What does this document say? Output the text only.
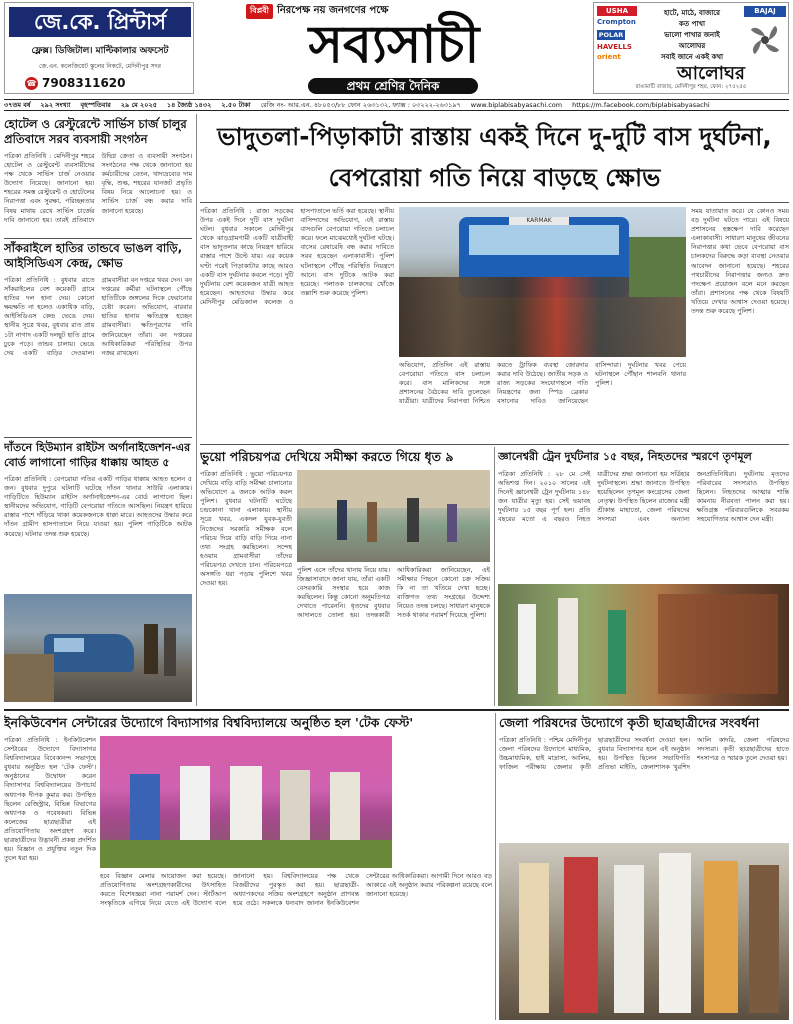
জে.কে. প্রিন্টার্স
ফ্লেক্স। ডিজিটাল। মাল্টিকালার অফসেট
জে.এন. কলেজিয়েট স্কুলের নিকটে, মেদিনীপুর সদর
☎ 7908311620
বিপ্লবী নিরপেক্ষ নয় জনগণের পক্ষে
সব্যসাচী
প্রথম শ্রেণির দৈনিক
USHA
Crompton
POLAR
HAVELLS
orient
BAJAJ
হাটে, মাঠে, বাজারে
কত পাখা
ভালো পাখার জনাই
আলোঘর
সবাই জানে একই কথা
আলোঘর
রাঙামাটি বাজার, মেদিনীপুর শহর, ফোন: ২৭৫২৫৫
৩৭তম বর্ষ ২৯২ সংখ্যা বৃহস্পতিবার ২৯ মে ২০২৫ ১৪ জ্যৈষ্ঠ ১৪৩২ ২.৫০ টাকা রেজি নং- আর.এন. ৪৮০৫৩/৮৮ ফোন ২৬৩১৩২, ফ্যাক্স : ০৩২২২-২৬৩১৯৭ www.biplabisabyasachi.com https://m.facebook.com/biplabisabyasachi
হোটেল ও রেস্টুরেন্টে সার্ভিস চার্জ চালুর প্রতিবাদে সরব ব্যবসায়ী সংগঠন
পত্রিকা প্রতিনিধি : মেদিনীপুর শহরে হোটেল ও রেস্টুরেন্ট ব্যবসায়ীদের পক্ষ থেকে সার্ভিস চার্জ নেওয়ার উদ্যোগ নিয়েছে। জানানো হয়। শহরের সমস্ত রেস্টুরেন্ট ও হোটেলের নিরাপত্তা এবং সুরক্ষা, পরিচ্ছন্নতার বিষয় মাথায় রেখে সার্ভিস চার্জের দাবি জানানো হয়। তারই প্রতিবাদে উদ্বিগ্ন ক্রেতা ও ব্যবসায়ী সংগঠন। সংগঠনের পক্ষ থেকে জানানো হয় কর্মচারীদের বেতন, খাদ্যদ্রব্যের দাম বৃদ্ধি, শুল্ক, শহরের যানজট প্রভৃতি বিষয় নিয়ে আলোচনা হয়। ও সার্ভিস চার্জ বন্ধ করার দাবি জানানো হয়েছে।
সাঁকরাইলে হাতির তান্ডবে ভাঙল বাড়ি, আইসিডিএস কেন্দ্র, ক্ষোভ
পত্রিকা প্রতিনিধি : বুধবার রাতে সাঁকরাইলের বেশ কয়েকটি গ্রামে হাতির দল হানা দেয়। কোনো ক্ষয়ক্ষতি না হলেও একাধিক বাড়ি, আইসিডিএস কেন্দ্র ভেঙে দেয়। স্থানীয় সূত্রে খবর, বুধবার রাত প্রায় ১টা নাগাদ একটি দলছুট হাতি গ্রামে ঢুকে পড়ে। তান্ডব চালায়। ভেঙে দেয় একটি বাড়ির দেওয়াল। গ্রামবাসীরা বন দপ্তরে খবর দেন। বন দপ্তরের কর্মীরা ঘটনাস্থলে পৌঁছে হাতিটিকে জঙ্গলের দিকে ফেরানোর চেষ্টা করেন। অভিযোগ, বারবার হাতির হানায় ক্ষতিগ্রস্ত হচ্ছেন গ্রামবাসীরা। ক্ষতিপূরণের দাবি জানিয়েছেন তাঁরা। বন দপ্তরের আধিকারিকরা পরিস্থিতির উপর নজর রাখছেন।
দাঁতনে হিউম্যান রাইটস অর্গানাইজেশন-এর বোর্ড লাগানো গাড়ির ধাক্কায় আহত ৫
পত্রিকা প্রতিনিধি : বেপরোয়া গতির একটি গাড়ির ধাক্কায় আহত হলেন ৫ জন। বুধবার দুপুরে ঘটনাটি ঘটেছে দাঁতন থানার সাউরি এলাকায়। গাড়িটিতে হিউম্যান রাইটস অর্গানাইজেশন-এর বোর্ড লাগানো ছিল। স্থানীয়দের অভিযোগ, গাড়িটি বেপরোয়া গতিতে আসছিল। নিয়ন্ত্রণ হারিয়ে রাস্তার পাশে দাঁড়িয়ে থাকা কয়েকজনকে ধাক্কা মারে। আহতদের উদ্ধার করে দাঁতন গ্রামীণ হাসপাতালে নিয়ে যাওয়া হয়। পুলিশ গাড়িটিকে আটক করেছে। ঘটনার তদন্ত শুরু হয়েছে।
ভাদুতলা-পিড়াকাটা রাস্তায় একই দিনে দু-দুটি বাস দুর্ঘটনা, বেপরোয়া গতি নিয়ে বাড়ছে ক্ষোভ
পত্রিকা প্রতিনিধি : রাজ্য সড়কের উপর একই দিনে দুটি বাস দুর্ঘটনা ঘটল। বুধবার সকালে মেদিনীপুর থেকে ঝাড়গ্রামগামী একটি যাত্রীবাহী বাস ভাদুতলার কাছে নিয়ন্ত্রণ হারিয়ে রাস্তার পাশে উল্টে যায়। এর কয়েক ঘণ্টা পরেই পিড়াকাটার কাছে আরও একটি বাস দুর্ঘটনার কবলে পড়ে। দুটি দুর্ঘটনায় বেশ কয়েকজন যাত্রী আহত হয়েছেন। আহতদের উদ্ধার করে মেদিনীপুর মেডিক্যাল কলেজ ও হাসপাতালে ভর্তি করা হয়েছে। স্থানীয় বাসিন্দাদের অভিযোগ, এই রাস্তায় বাসগুলি বেপরোয়া গতিতে চলাচল করে। ফলে মাঝেমধ্যেই দুর্ঘটনা ঘটছে। বাসের রেষারেষি বন্ধ করার দাবিতে সরব হয়েছেন এলাকাবাসী। পুলিশ ঘটনাস্থলে পৌঁছে পরিস্থিতি নিয়ন্ত্রণে আনে। বাস দুটিকে আটক করা হয়েছে। পলাতক চালকদের খোঁজে তল্লাশি শুরু করেছে পুলিশ।
KARMAK
অভিযোগ, প্রতিদিন এই রাস্তায় বেপরোয়া গতিতে বাস চলাচল করে। বাস মালিকদের সঙ্গে প্রশাসনের বৈঠকের দাবি তুলেছেন যাত্রীরা। যাত্রীদের নিরাপত্তা নিশ্চিত করতে ট্রাফিক ব্যবস্থা জোরদার করার দাবি উঠেছে। জাতীয় সড়ক ও রাজ্য সড়কের সংযোগস্থলে গতি নিয়ন্ত্রণের জন্য স্পিড ব্রেকার বসানোর দাবিও জানিয়েছেন বাসিন্দারা। দুর্ঘটনার খবর পেয়ে ঘটনাস্থলে পৌঁছান শালবনি থানার পুলিশ।
সময় যাতায়াত করে। যে কোনও সময় বড় দুর্ঘটনা ঘটতে পারে। এই বিষয়ে প্রশাসনের হস্তক্ষেপ দাবি করেছেন এলাকাবাসী। সাধারণ মানুষের জীবনের নিরাপত্তার কথা ভেবে বেপরোয়া বাস চালকদের বিরুদ্ধে কড়া ব্যবস্থা নেওয়ার আবেদন জানানো হয়েছে। শহরের পথচারীদের নিরাপত্তার জন্যও দ্রুত পদক্ষেপ প্রয়োজন বলে মনে করছেন তাঁরা। প্রশাসনের পক্ষ থেকে বিষয়টি খতিয়ে দেখার আশ্বাস দেওয়া হয়েছে। তদন্ত শুরু করেছে পুলিশ।
ভুয়ো পরিচয়পত্র দেখিয়ে সমীক্ষা করতে গিয়ে ধৃত ৯
পত্রিকা প্রতিনিধি : ভুয়ো পরিচয়পত্র দেখিয়ে বাড়ি বাড়ি সমীক্ষা চালানোর অভিযোগে ৯ জনকে আটক করল পুলিশ। বুধবার ঘটনাটি ঘটেছে চন্দ্রকোনা থানা এলাকায়। স্থানীয় সূত্রে খবর, একদল যুবক-যুবতী নিজেদের সরকারি সমীক্ষক বলে পরিচয় দিয়ে বাড়ি বাড়ি গিয়ে নানা তথ্য সংগ্রহ করছিলেন। সন্দেহ হওয়ায় গ্রামবাসীরা তাঁদের পরিচয়পত্র দেখতে চান। পরিচয়পত্রে অসঙ্গতি ধরা পড়ায় পুলিশে খবর দেওয়া হয়।
পুলিশ এসে তাঁদের থানায় নিয়ে যায়। জিজ্ঞাসাবাদে জানা যায়, তাঁরা একটি বেসরকারি সংস্থার হয়ে কাজ করছিলেন। কিন্তু কোনো অনুমতিপত্র দেখাতে পারেননি। ধৃতদের বুধবার আদালতে তোলা হয়। তদন্তকারী আধিকারিকরা জানিয়েছেন, এই সমীক্ষার পিছনে কোনো চক্র সক্রিয় কি না তা খতিয়ে দেখা হচ্ছে। ব্যক্তিগত তথ্য সংগ্রহের উদ্দেশ্য নিয়েও তদন্ত চলছে। সাধারণ মানুষকে সতর্ক থাকার পরামর্শ দিয়েছে পুলিশ।
জ্ঞানেশ্বরী ট্রেন দুর্ঘটনার ১৫ বছর, নিহতদের স্মরণে তৃণমূল
পত্রিকা প্রতিনিধি : ২৮ মে সেই অভিশপ্ত দিন। ২০১০ সালের এই দিনেই জ্ঞানেশ্বরী ট্রেন দুর্ঘটনায় ১৪৮ জন যাত্রীর মৃত্যু হয়। সেই ভয়াবহ দুর্ঘটনার ১৫ বছর পূর্ণ হল। প্রতি বছরের মতো এ বছরও নিহত যাত্রীদের শ্রদ্ধা জানানো হয় সর্ডিহার দুর্ঘটনাস্থলে। শ্রদ্ধা জানাতে উপস্থিত হয়েছিলেন তৃণমূল কংগ্রেসের জেলা নেতৃত্ব। উপস্থিত ছিলেন রাজ্যের মন্ত্রী শ্রীকান্ত মাহাতো, জেলা পরিষদের সদস্যরা এবং অন্যান্য জনপ্রতিনিধিরা। দুর্ঘটনায় মৃতদের পরিবারের সদস্যরাও উপস্থিত ছিলেন। নিহতদের আত্মার শান্তি কামনায় নীরবতা পালন করা হয়। ক্ষতিগ্রস্ত পরিবারগুলিকে সবরকম সহযোগিতার আশ্বাস দেন মন্ত্রী।
ইনকিউবেশন সেন্টারের উদ্যোগে বিদ্যাসাগর বিশ্ববিদ্যালয়ে অনুষ্ঠিত হল 'টেক ফেস্ট'
পত্রিকা প্রতিনিধি : ইনকিউবেশন সেন্টারের উদ্যোগে বিদ্যাসাগর বিশ্ববিদ্যালয়ের বিবেকানন্দ সভাগৃহে বুধবার অনুষ্ঠিত হল 'টেক ফেস্ট'। অনুষ্ঠানের উদ্বোধন করেন বিদ্যাসাগর বিশ্ববিদ্যালয়ের উপাচার্য অধ্যাপক দীপক কুমার কর। উপস্থিত ছিলেন রেজিস্ট্রার, বিভিন্ন বিভাগের অধ্যাপক ও গবেষকরা। বিভিন্ন কলেজের ছাত্রছাত্রীরা এই প্রতিযোগিতায় অংশগ্রহণ করে। ছাত্রছাত্রীদের উদ্ভাবনী প্রকল্প প্রদর্শিত হয়। বিজ্ঞান ও প্রযুক্তির নতুন দিক তুলে ধরা হয়।
হবে বিজ্ঞান মেলার আয়োজন করা হয়েছে। প্রতিযোগিতায় অংশগ্রহণকারীদের উৎসাহিত করতে বিশেষজ্ঞরা নানা পরামর্শ দেন। স্টার্টআপ সংস্কৃতিকে এগিয়ে নিয়ে যেতে এই উদ্যোগ বলে জানানো হয়। বিশ্ববিদ্যালয়ের পক্ষ থেকে বিজয়ীদের পুরস্কৃত করা হয়। ছাত্রছাত্রী-অধ্যাপকদের সক্রিয় অংশগ্রহণে অনুষ্ঠান প্রাণবন্ত হয়ে ওঠে। সকলকে ধন্যবাদ জানান ইনকিউবেশন সেন্টারের আধিকারিকরা। আগামী দিনে আরও বড় আকারে এই অনুষ্ঠান করার পরিকল্পনা রয়েছে বলে জানানো হয়েছে।
জেলা পরিষদের উদ্যোগে কৃতী ছাত্রছাত্রীদের সংবর্ধনা
পত্রিকা প্রতিনিধি : পশ্চিম মেদিনীপুর জেলা পরিষদের উদ্যোগে মাধ্যমিক, উচ্চমাধ্যমিক, হাই মাদ্রাসা, আলিম, ফাজিল পরীক্ষায় জেলার কৃতী ছাত্রছাত্রীদের সংবর্ধনা দেওয়া হল। বুধবার বিদ্যাসাগর হলে এই অনুষ্ঠান হয়। উপস্থিত ছিলেন সভাধিপতি প্রতিভা মাইতি, জেলাশাসক খুরশিদ আলি কাদরি, জেলা পরিষদের সদস্যরা। কৃতী ছাত্রছাত্রীদের হাতে শংসাপত্র ও স্মারক তুলে দেওয়া হয়।
